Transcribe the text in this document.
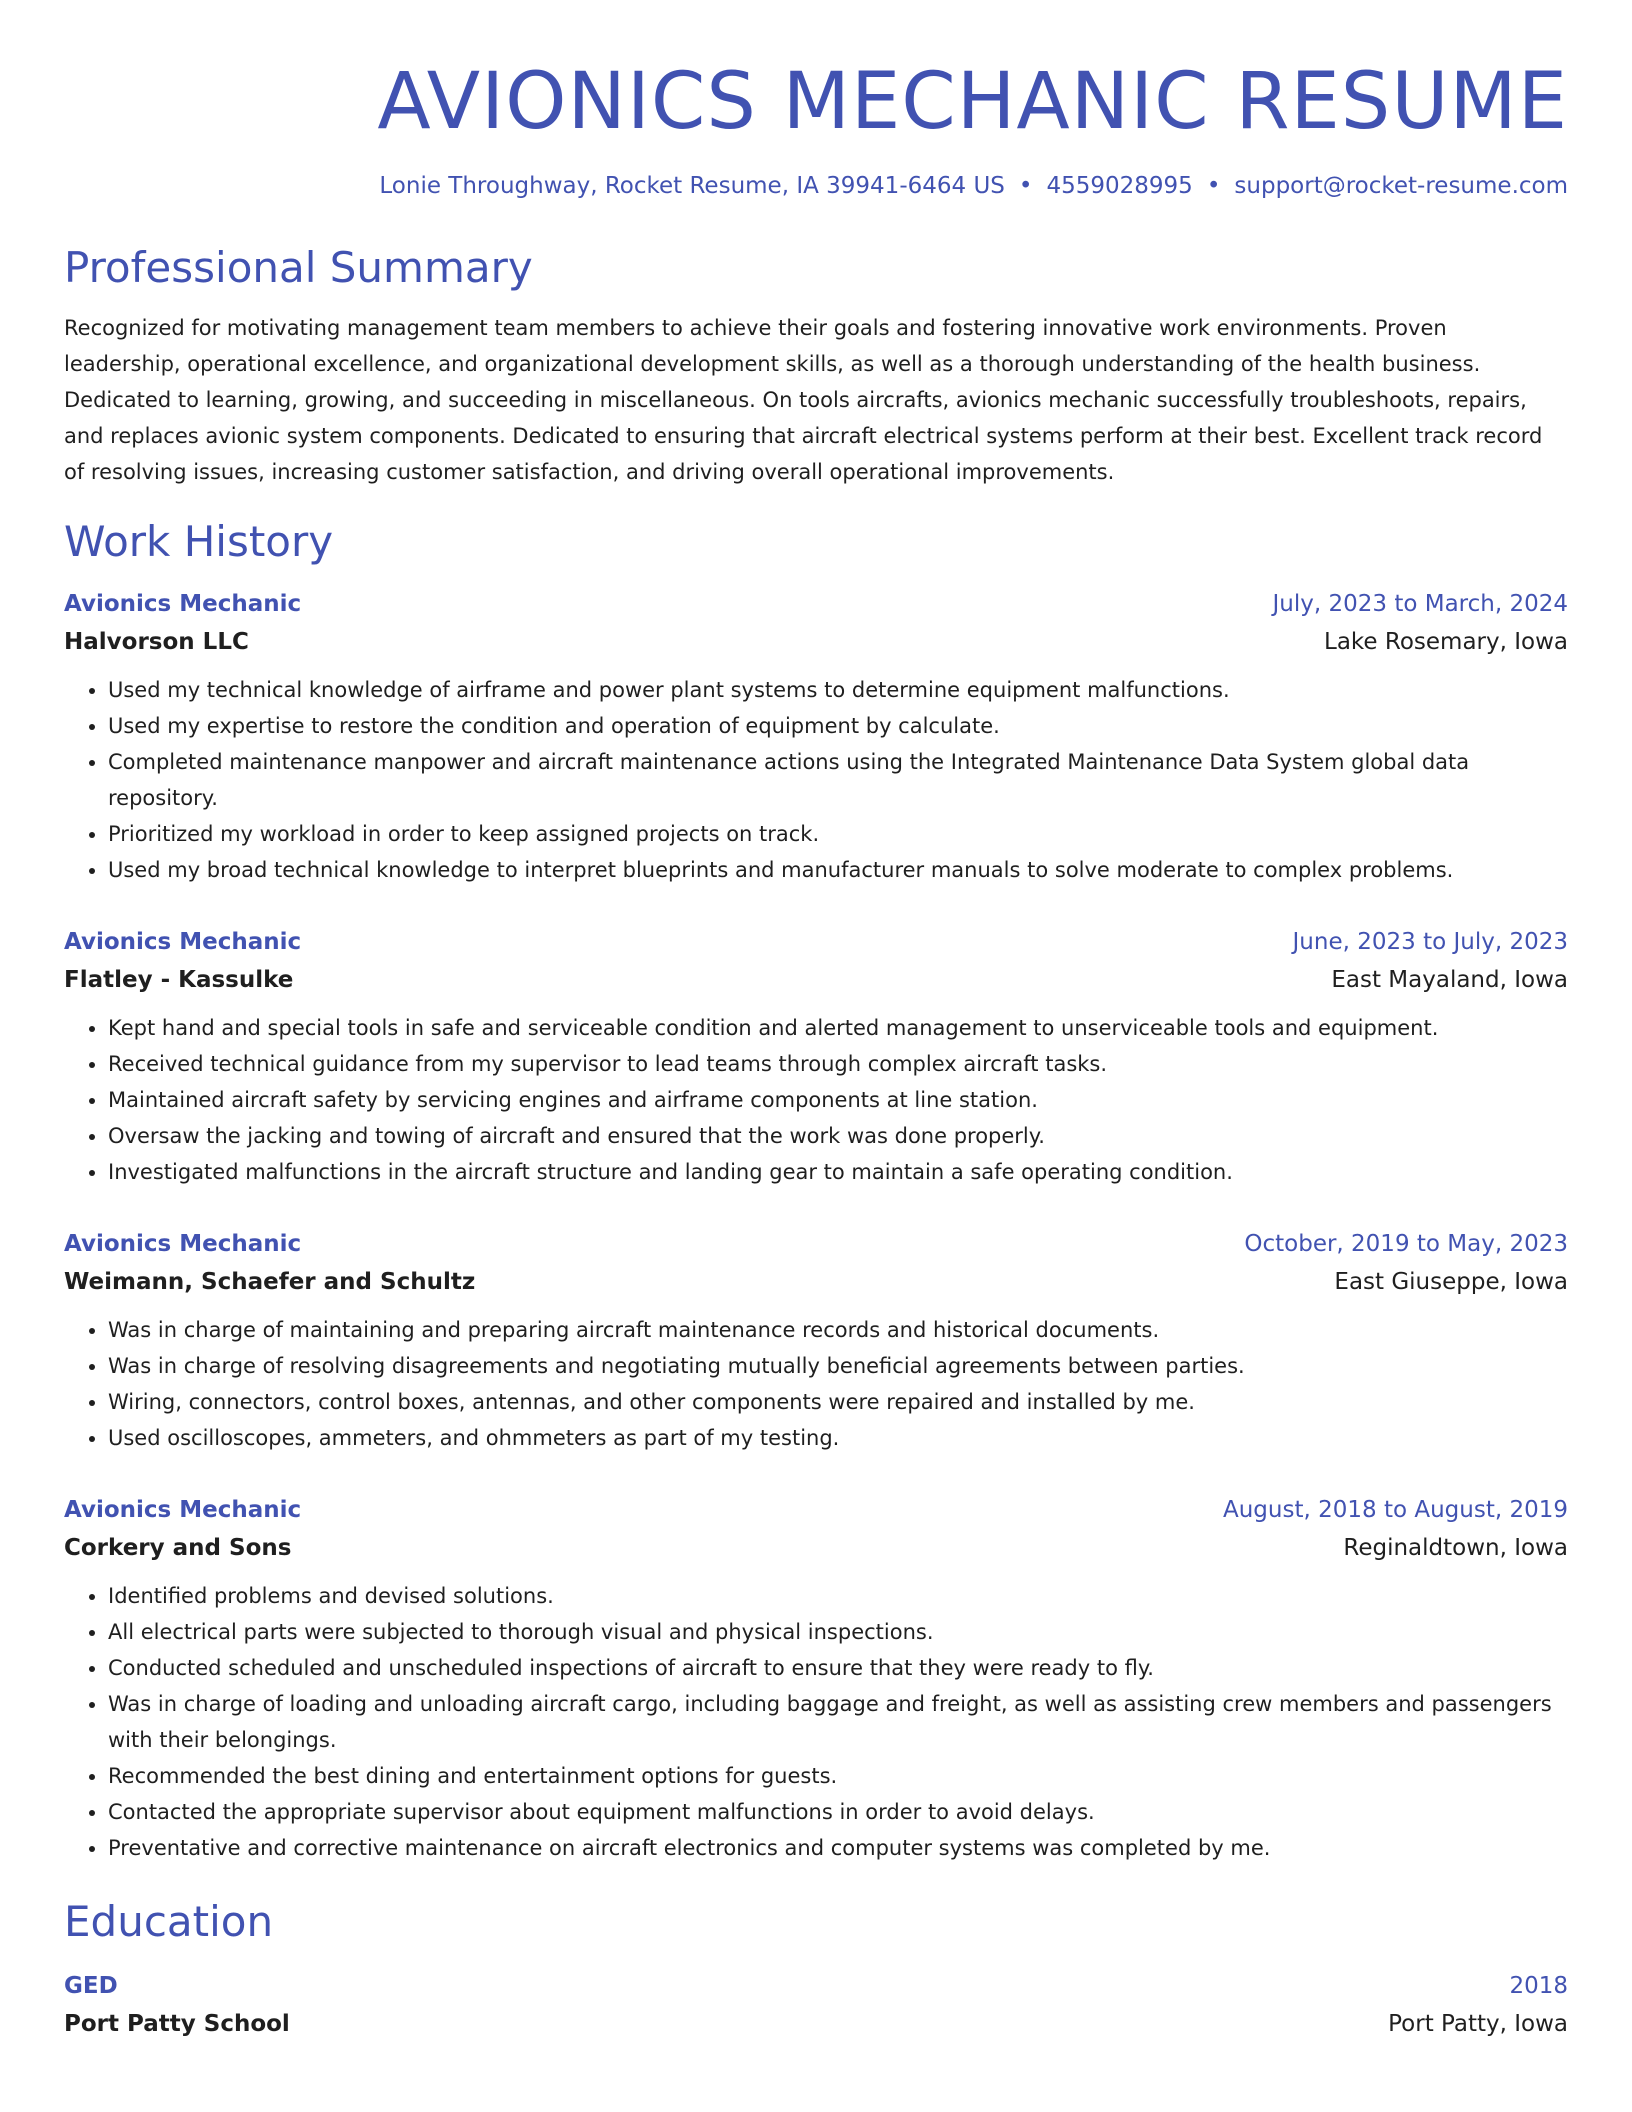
AVIONICS MECHANIC RESUME
Lonie Throughway, Rocket Resume, IA 39941-6464 US • 4559028995 • support@rocket-resume.com
Professional Summary

Recognized for motivating management team members to achieve their goals and fostering innovative work environments. Proven leadership, operational excellence, and organizational development skills, as well as a thorough understanding of the health business. Dedicated to learning, growing, and succeeding in miscellaneous. On tools aircrafts, avionics mechanic successfully troubleshoots, repairs, and replaces avionic system components. Dedicated to ensuring that aircraft electrical systems perform at their best. Excellent track record of resolving issues, increasing customer satisfaction, and driving overall operational improvements.

Work History
Avionics Mechanic	July, 2023 to March, 2024
Halvorson LLC	Lake Rosemary, Iowa
• Used my technical knowledge of airframe and power plant systems to determine equipment malfunctions.
• Used my expertise to restore the condition and operation of equipment by calculate.
• Completed maintenance manpower and aircraft maintenance actions using the Integrated Maintenance Data System global data repository.
• Prioritized my workload in order to keep assigned projects on track.
• Used my broad technical knowledge to interpret blueprints and manufacturer manuals to solve moderate to complex problems.
Avionics Mechanic	June, 2023 to July, 2023
Flatley - Kassulke	East Mayaland, Iowa
• Kept hand and special tools in safe and serviceable condition and alerted management to unserviceable tools and equipment.
• Received technical guidance from my supervisor to lead teams through complex aircraft tasks.
• Maintained aircraft safety by servicing engines and airframe components at line station.
• Oversaw the jacking and towing of aircraft and ensured that the work was done properly.
• Investigated malfunctions in the aircraft structure and landing gear to maintain a safe operating condition.
Avionics Mechanic	October, 2019 to May, 2023
Weimann, Schaefer and Schultz	East Giuseppe, Iowa
• Was in charge of maintaining and preparing aircraft maintenance records and historical documents.
• Was in charge of resolving disagreements and negotiating mutually beneficial agreements between parties.
• Wiring, connectors, control boxes, antennas, and other components were repaired and installed by me.
• Used oscilloscopes, ammeters, and ohmmeters as part of my testing.
Avionics Mechanic	August, 2018 to August, 2019
Corkery and Sons	Reginaldtown, Iowa
• Identified problems and devised solutions.
• All electrical parts were subjected to thorough visual and physical inspections.
• Conducted scheduled and unscheduled inspections of aircraft to ensure that they were ready to fly.
• Was in charge of loading and unloading aircraft cargo, including baggage and freight, as well as assisting crew members and passengers with their belongings.
• Recommended the best dining and entertainment options for guests.
• Contacted the appropriate supervisor about equipment malfunctions in order to avoid delays.
• Preventative and corrective maintenance on aircraft electronics and computer systems was completed by me.
Education
GED	2018
Port Patty School	Port Patty, Iowa
